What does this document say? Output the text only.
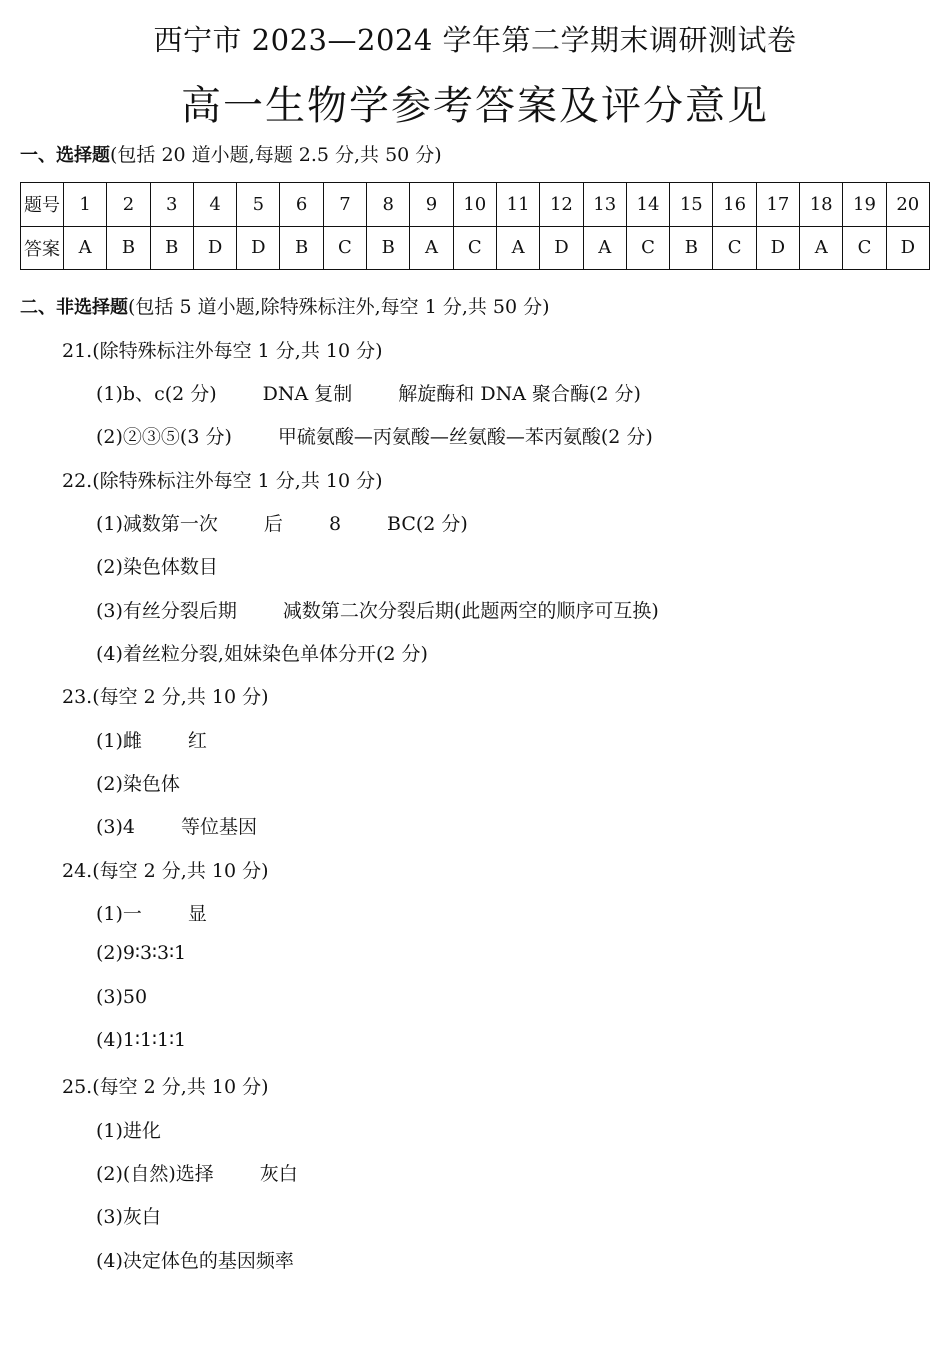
西宁市 2023—2024 学年第二学期末调研测试卷
高一生物学参考答案及评分意见
一、选择题(包括 20 道小题,每题 2.5 分,共 50 分)
题号	1	2	3	4	5	6	7	8	9	10	11	12	13	14	15	16	17	18	19	20
答案	A	B	B	D	D	B	C	B	A	C	A	D	A	C	B	C	D	A	C	D
二、非选择题(包括 5 道小题,除特殊标注外,每空 1 分,共 50 分)
21.(除特殊标注外每空 1 分,共 10 分)
(1)b、c(2 分) DNA 复制 解旋酶和 DNA 聚合酶(2 分)
(2)②③⑤(3 分) 甲硫氨酸—丙氨酸—丝氨酸—苯丙氨酸(2 分)
22.(除特殊标注外每空 1 分,共 10 分)
(1)减数第一次 后 8 BC(2 分)
(2)染色体数目
(3)有丝分裂后期 减数第二次分裂后期(此题两空的顺序可互换)
(4)着丝粒分裂,姐妹染色单体分开(2 分)
23.(每空 2 分,共 10 分)
(1)雌 红
(2)染色体
(3)4 等位基因
24.(每空 2 分,共 10 分)
(1)一 显
(2)9∶3∶3∶1
(3)50
(4)1∶1∶1∶1
25.(每空 2 分,共 10 分)
(1)进化
(2)(自然)选择 灰白
(3)灰白
(4)决定体色的基因频率
